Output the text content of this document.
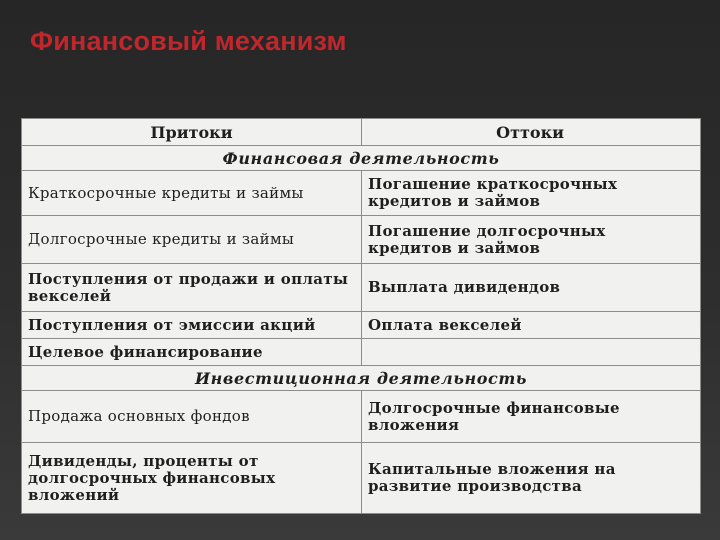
Финансовый механизм
Притоки	Оттоки
Финансовая деятельность	
Краткосрочные кредиты и займы	Погашение краткосрочных кредитов и займов
Долгосрочные кредиты и займы	Погашение долгосрочных кредитов и займов
Поступления от продажи и оплаты векселей	Выплата дивидендов
Поступления от эмиссии акций	Оплата векселей
Целевое финансирование	
Инвестиционная деятельность	
Продажа основных фондов	Долгосрочные финансовые вложения
Дивиденды, проценты от долгосрочных финансовых вложений	Капитальные вложения на развитие производства
